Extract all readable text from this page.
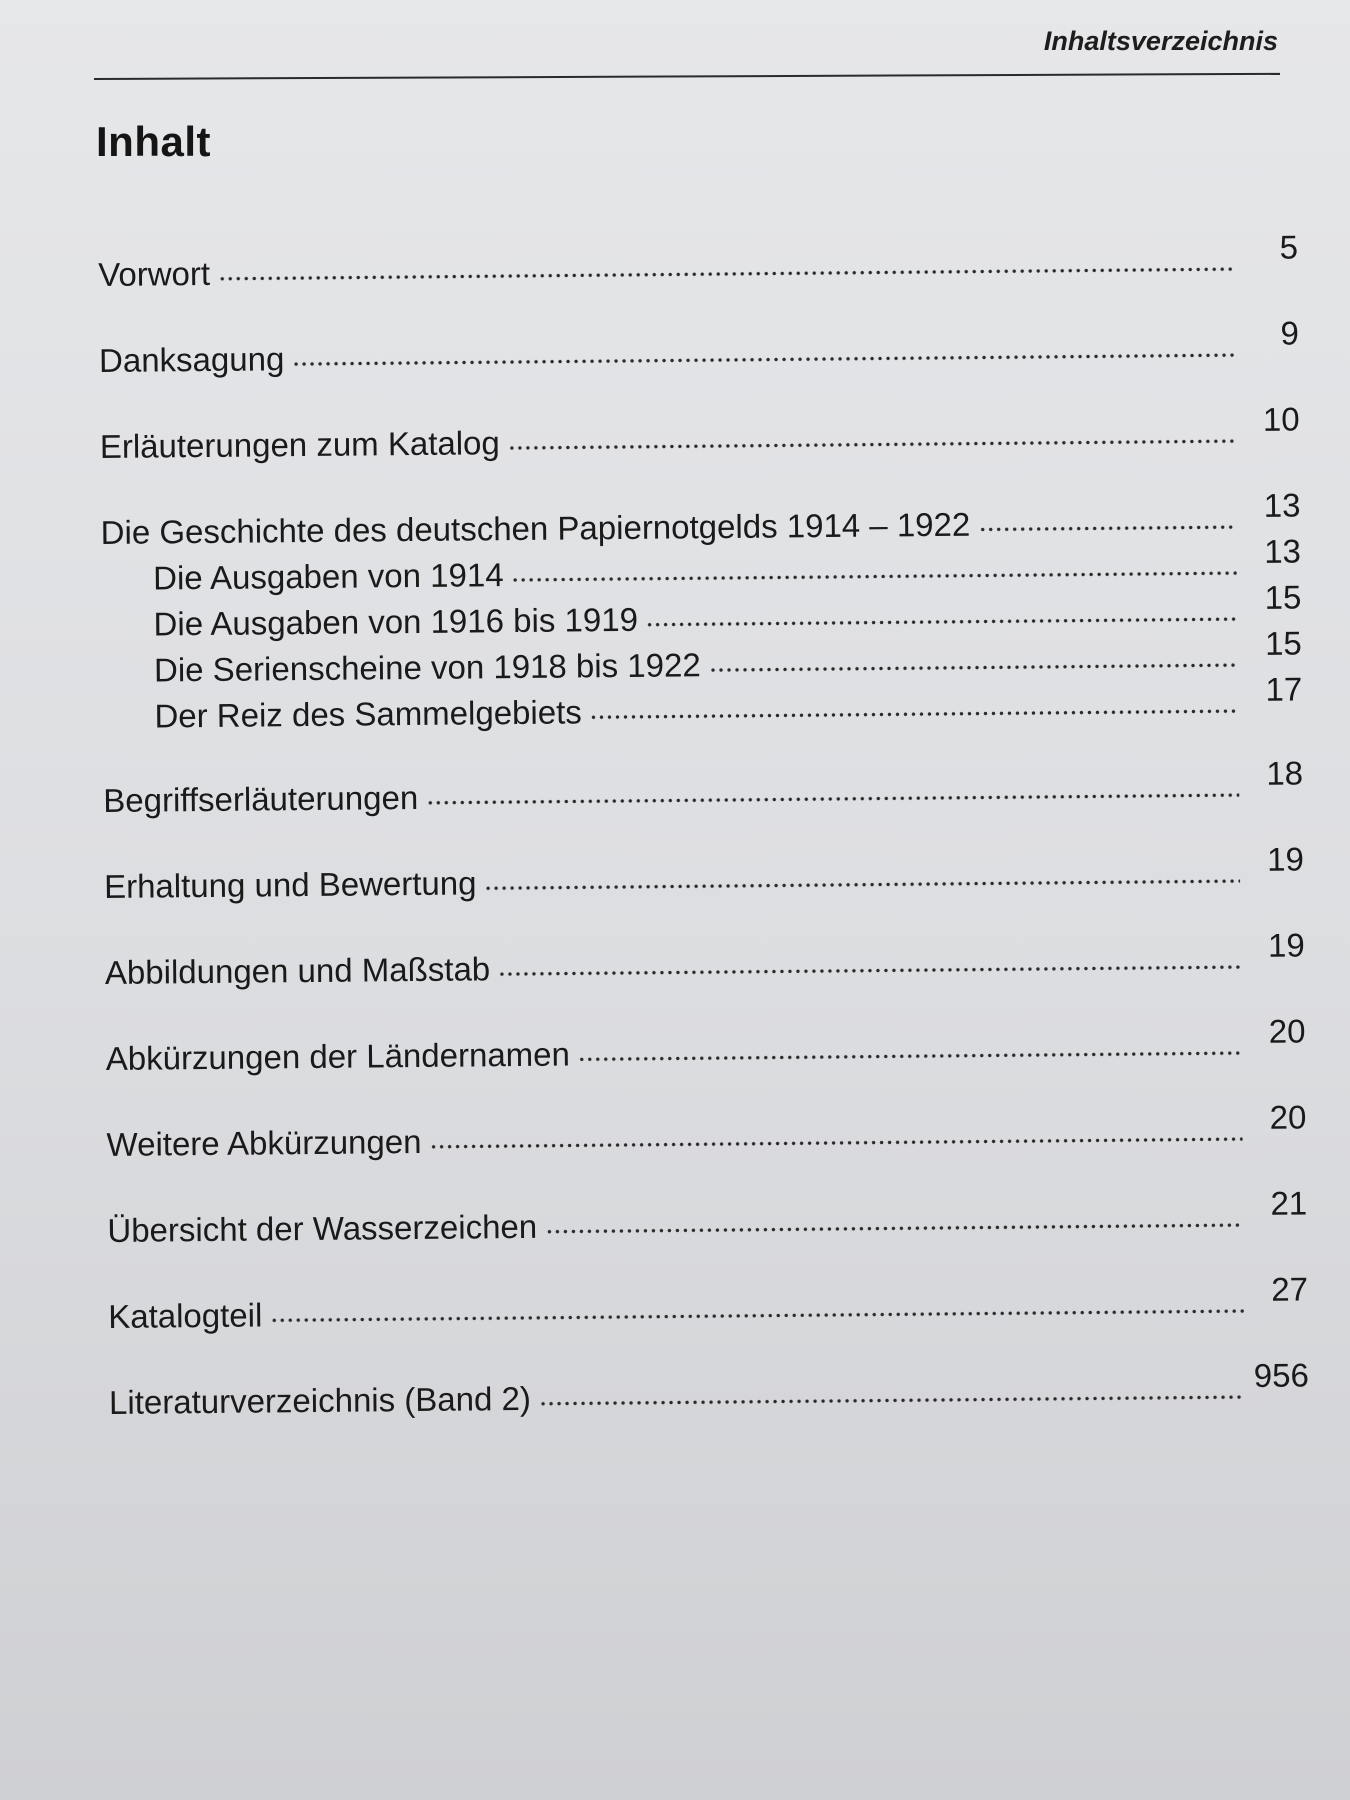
Inhaltsverzeichnis
Inhalt
Vorwort
5
Danksagung
9
Erläuterungen zum Katalog
10
Die Geschichte des deutschen Papiernotgelds 1914 – 1922
13
Die Ausgaben von 1914
13
Die Ausgaben von 1916 bis 1919
15
Die Serienscheine von 1918 bis 1922
15
Der Reiz des Sammelgebiets
17
Begriffserläuterungen
18
Erhaltung und Bewertung
19
Abbildungen und Maßstab
19
Abkürzungen der Ländernamen
20
Weitere Abkürzungen
20
Übersicht der Wasserzeichen
21
Katalogteil
27
Literaturverzeichnis (Band 2)
956
